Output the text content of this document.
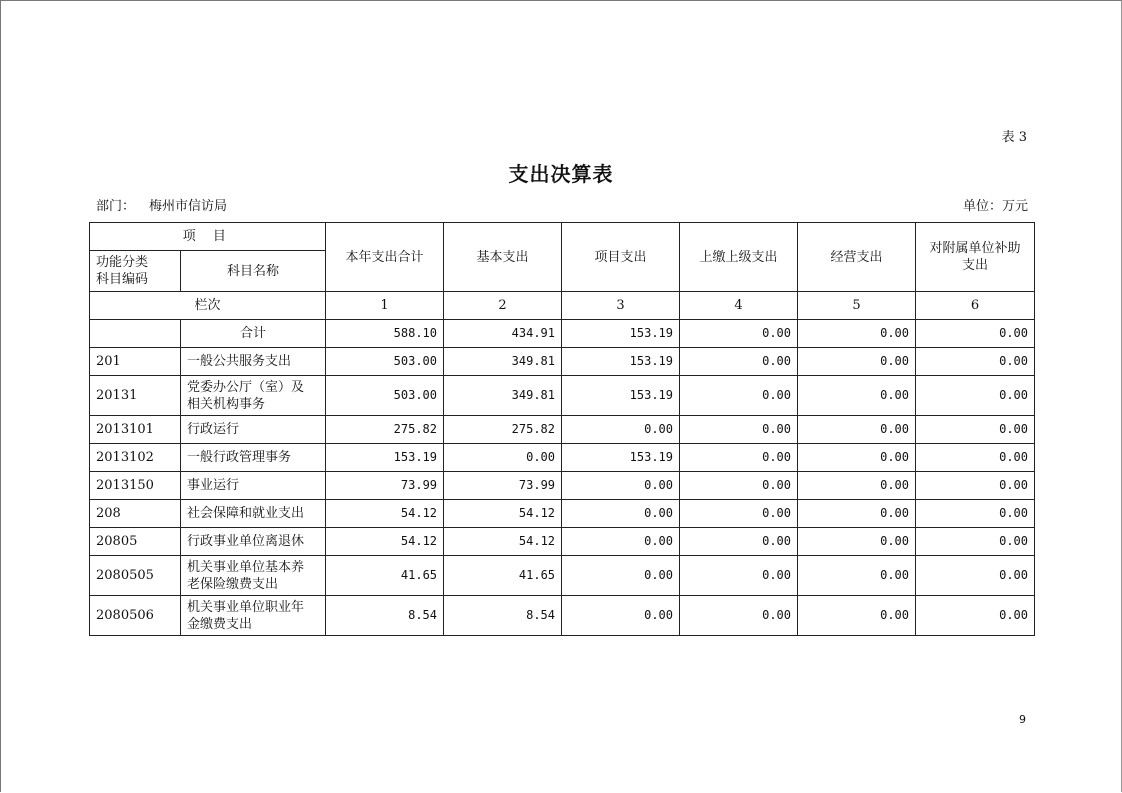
表 3
支出决算表
部门： 梅州市信访局	单位：万元
项 目		本年支出合计	基本支出	项目支出	上缴上级支出	经营支出	对附属单位补助
支出
功能分类
科目编码	科目名称						
栏次		1	2	3	4	5	6
	合计	588.10	434.91	153.19	0.00	0.00	0.00
201	一般公共服务支出	503.00	349.81	153.19	0.00	0.00	0.00
20131	党委办公厅（室）及
相关机构事务	503.00	349.81	153.19	0.00	0.00	0.00
2013101	行政运行	275.82	275.82	0.00	0.00	0.00	0.00
2013102	一般行政管理事务	153.19	0.00	153.19	0.00	0.00	0.00
2013150	事业运行	73.99	73.99	0.00	0.00	0.00	0.00
208	社会保障和就业支出	54.12	54.12	0.00	0.00	0.00	0.00
20805	行政事业单位离退休	54.12	54.12	0.00	0.00	0.00	0.00
2080505	机关事业单位基本养
老保险缴费支出	41.65	41.65	0.00	0.00	0.00	0.00
2080506	机关事业单位职业年
金缴费支出	8.54	8.54	0.00	0.00	0.00	0.00
9
